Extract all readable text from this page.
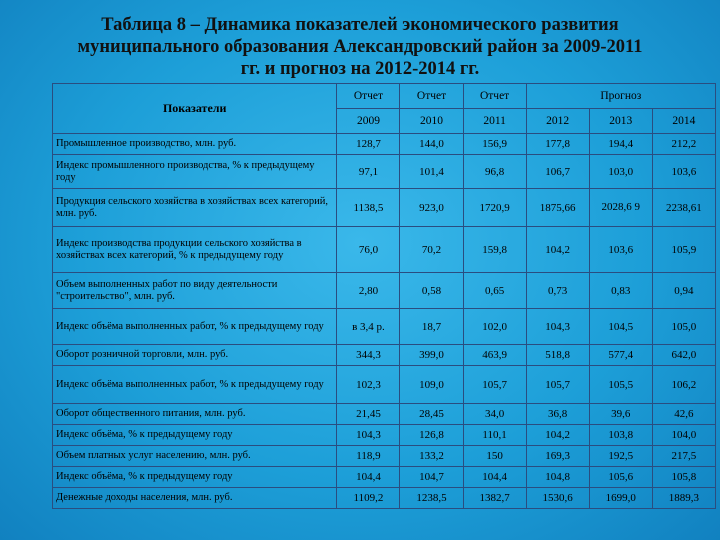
Таблица 8 – Динамика показателей экономического развития
муниципального образования Александровский район за 2009-2011
гг. и прогноз на 2012-2014 гг.
Показатели	Отчет	Отчет	Отчет	Прогноз		
	2009	2010	2011	2012	2013	2014
Промышленное производство, млн. руб.	128,7	144,0	156,9	177,8	194,4	212,2
Индекс промышленного производства, % к предыдущему году	97,1	101,4	96,8	106,7	103,0	103,6
Продукция сельского хозяйства в хозяйствах всех категорий, млн. руб.	1138,5	923,0	1720,9	1875,66	2028,6 9	2238,61
Индекс производства продукции сельского хозяйства в хозяйствах всех категорий, % к предыдущему году	76,0	70,2	159,8	104,2	103,6	105,9
Объем выполненных работ по виду деятельности "строительство", млн. руб.	2,80	0,58	0,65	0,73	0,83	0,94
Индекс объёма выполненных работ, % к предыдущему году	в 3,4 р.	18,7	102,0	104,3	104,5	105,0
Оборот розничной торговли, млн. руб.	344,3	399,0	463,9	518,8	577,4	642,0
Индекс объёма выполненных работ, % к предыдущему году	102,3	109,0	105,7	105,7	105,5	106,2
Оборот общественного питания, млн. руб.	21,45	28,45	34,0	36,8	39,6	42,6
Индекс объёма, % к предыдущему году	104,3	126,8	110,1	104,2	103,8	104,0
Объем платных услуг населению, млн. руб.	118,9	133,2	150	169,3	192,5	217,5
Индекс объёма, % к предыдущему году	104,4	104,7	104,4	104,8	105,6	105,8
Денежные доходы населения, млн. руб.	1109,2	1238,5	1382,7	1530,6	1699,0	1889,3
